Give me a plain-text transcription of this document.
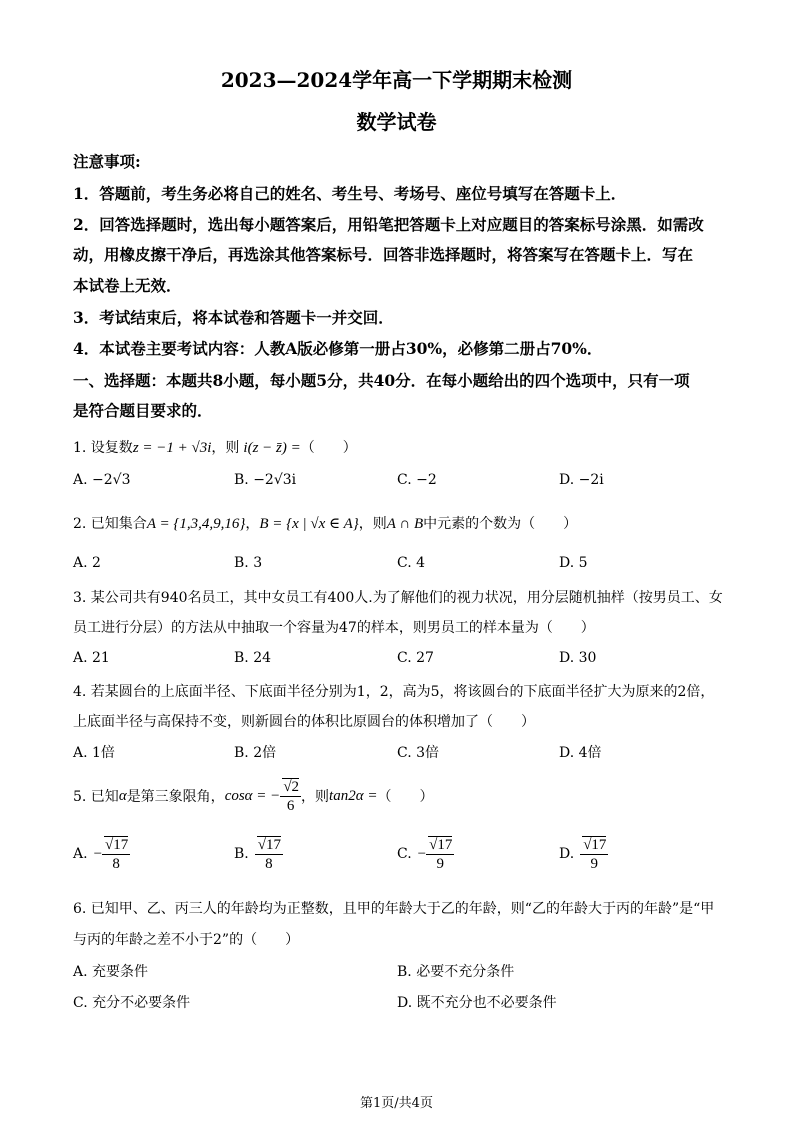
2023—2024学年高一下学期期末检测
数学试卷
注意事项:
1．答题前，考生务必将自己的姓名、考生号、考场号、座位号填写在答题卡上．
2．回答选择题时，选出每小题答案后，用铅笔把答题卡上对应题目的答案标号涂黑．如需改
动，用橡皮擦干净后，再选涂其他答案标号．回答非选择题时，将答案写在答题卡上．写在
本试卷上无效．
3．考试结束后，将本试卷和答题卡一并交回．
4．本试卷主要考试内容：人教A版必修第一册占30%，必修第二册占70%．
一、选择题：本题共8小题，每小题5分，共40分．在每小题给出的四个选项中，只有一项
是符合题目要求的．
1. 设复数z = −1 + √3i，则 i(z − z̄) =（　　）
A. −2√3	B. −2√3i	C. −2	D. −2i
2. 已知集合A = {1,3,4,9,16}，B = {x | √x ∈ A}，则A ∩ B中元素的个数为（　　）
A. 2	B. 3	C. 4	D. 5
3. 某公司共有940名员工，其中女员工有400人.为了解他们的视力状况，用分层随机抽样（按男员工、女
员工进行分层）的方法从中抽取一个容量为47的样本，则男员工的样本量为（　　）
A. 21	B. 24	C. 27	D. 30
4. 若某圆台的上底面半径、下底面半径分别为1，2，高为5，将该圆台的下底面半径扩大为原来的2倍，
上底面半径与高保持不变，则新圆台的体积比原圆台的体积增加了（　　）
A. 1倍	B. 2倍	C. 3倍	D. 4倍
5. 已知 α 是第三象限角， cosα = − $\frac{√2}{6}$ ，则 tan2α = （　　）
A. − $\frac{√17}{8}$	B. $\frac{√17}{8}$	C. − $\frac{√17}{9}$	D. $\frac{√17}{9}$
6. 已知甲、乙、丙三人的年龄均为正整数，且甲的年龄大于乙的年龄，则“乙的年龄大于丙的年龄”是“甲
与丙的年龄之差不小于2”的（　　）
A. 充要条件	B. 必要不充分条件
C. 充分不必要条件	D. 既不充分也不必要条件
第1页/共4页
